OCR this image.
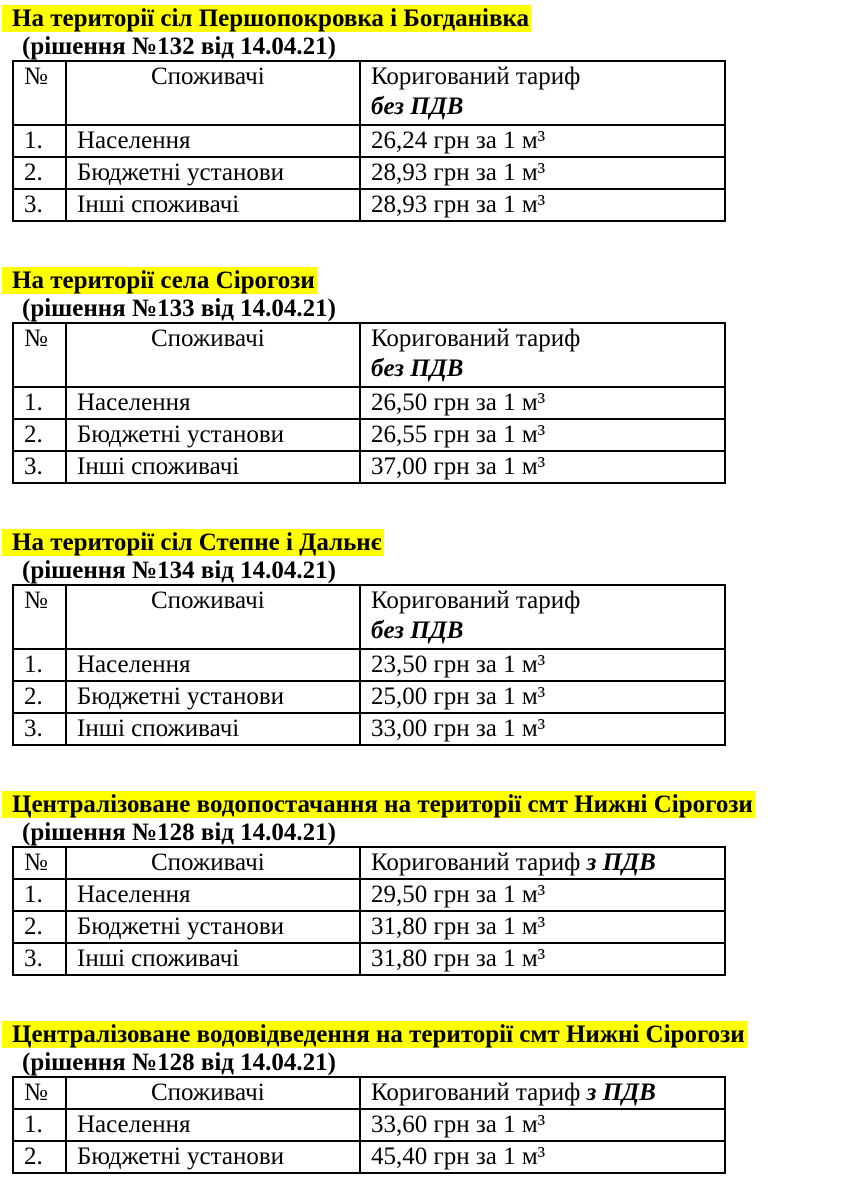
На території сіл Першопокровка і Богданівка

(рішення №132 від 14.04.21)

№	Споживачі	Коригований тариф
без ПДВ
1.	Населення	26,24 грн за 1 м³
2.	Бюджетні установи	28,93 грн за 1 м³
3.	Інші споживачі	28,93 грн за 1 м³

На території села Сірогози

(рішення №133 від 14.04.21)

№	Споживачі	Коригований тариф
без ПДВ
1.	Населення	26,50 грн за 1 м³
2.	Бюджетні установи	26,55 грн за 1 м³
3.	Інші споживачі	37,00 грн за 1 м³

На території сіл Степне і Дальнє

(рішення №134 від 14.04.21)

№	Споживачі	Коригований тариф
без ПДВ
1.	Населення	23,50 грн за 1 м³
2.	Бюджетні установи	25,00 грн за 1 м³
3.	Інші споживачі	33,00 грн за 1 м³

Централізоване водопостачання на території смт Нижні Сірогози

(рішення №128 від 14.04.21)

№	Споживачі	Коригований тариф з ПДВ
1.	Населення	29,50 грн за 1 м³
2.	Бюджетні установи	31,80 грн за 1 м³
3.	Інші споживачі	31,80 грн за 1 м³

Централізоване водовідведення на території смт Нижні Сірогози

(рішення №128 від 14.04.21)

№	Споживачі	Коригований тариф з ПДВ
1.	Населення	33,60 грн за 1 м³
2.	Бюджетні установи	45,40 грн за 1 м³
